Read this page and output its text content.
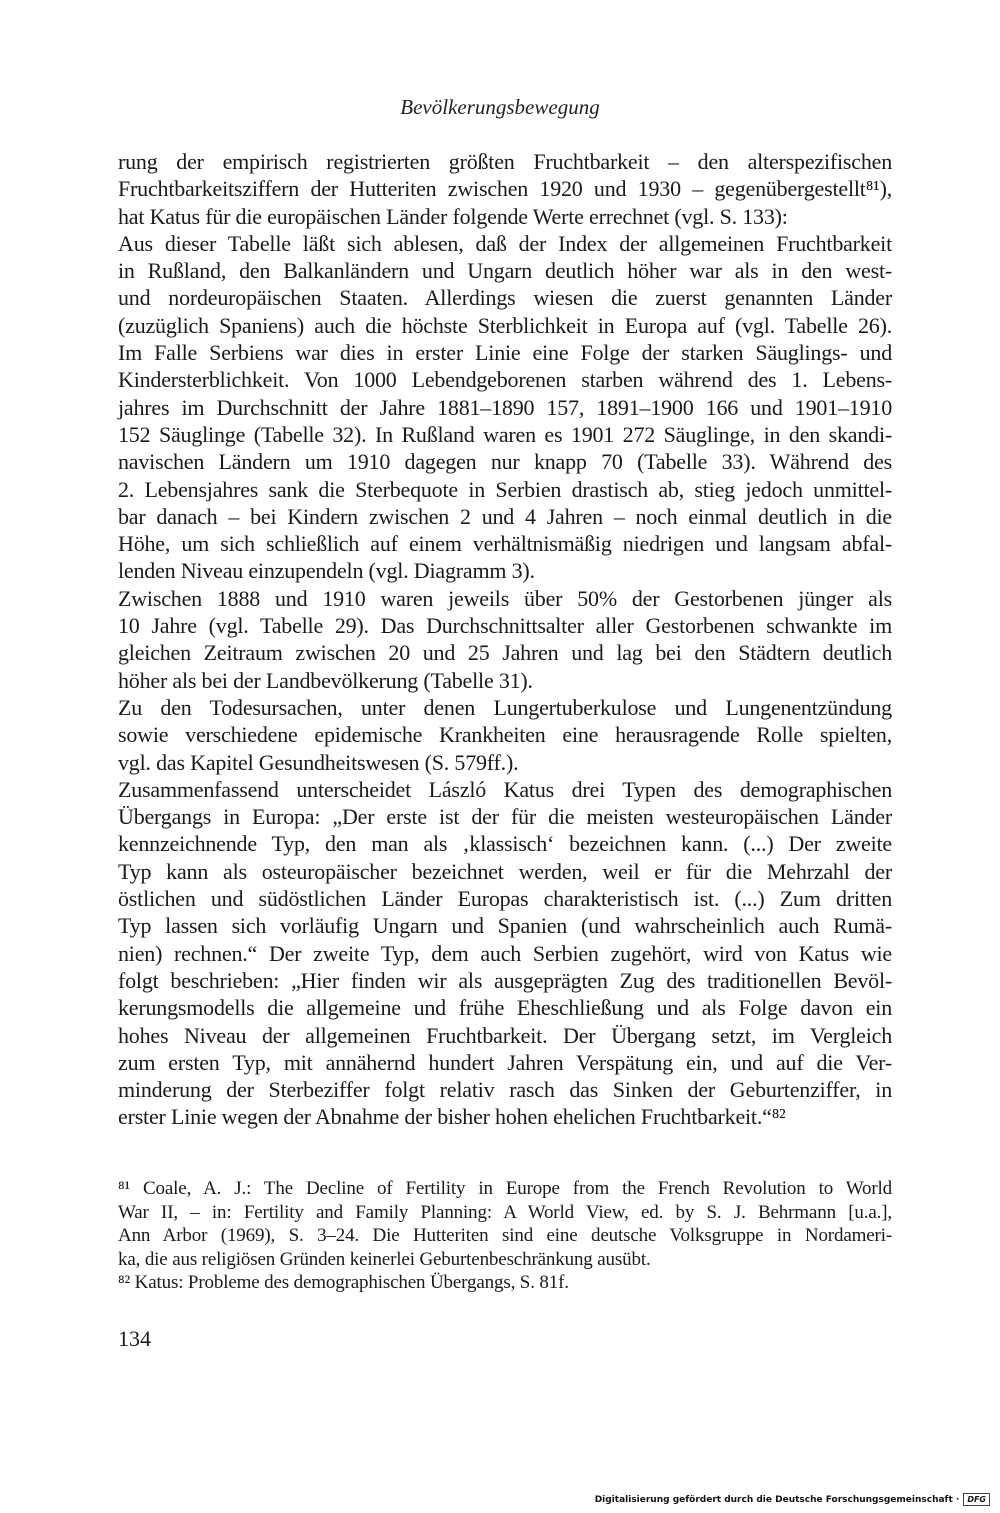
Bevölkerungsbewegung
rung der empirisch registrierten größten Fruchtbarkeit – den alterspezifischen
Fruchtbarkeitsziffern der Hutteriten zwischen 1920 und 1930 – gegenübergestellt⁸¹),
hat Katus für die europäischen Länder folgende Werte errechnet (vgl. S. 133):
Aus dieser Tabelle läßt sich ablesen, daß der Index der allgemeinen Fruchtbarkeit
in Rußland, den Balkanländern und Ungarn deutlich höher war als in den west-
und nordeuropäischen Staaten. Allerdings wiesen die zuerst genannten Länder
(zuzüglich Spaniens) auch die höchste Sterblichkeit in Europa auf (vgl. Tabelle 26).
Im Falle Serbiens war dies in erster Linie eine Folge der starken Säuglings- und
Kindersterblichkeit. Von 1000 Lebendgeborenen starben während des 1. Lebens-
jahres im Durchschnitt der Jahre 1881–1890 157, 1891–1900 166 und 1901–1910
152 Säuglinge (Tabelle 32). In Rußland waren es 1901 272 Säuglinge, in den skandi-
navischen Ländern um 1910 dagegen nur knapp 70 (Tabelle 33). Während des
2. Lebensjahres sank die Sterbequote in Serbien drastisch ab, stieg jedoch unmittel-
bar danach – bei Kindern zwischen 2 und 4 Jahren – noch einmal deutlich in die
Höhe, um sich schließlich auf einem verhältnismäßig niedrigen und langsam abfal-
lenden Niveau einzupendeln (vgl. Diagramm 3).
Zwischen 1888 und 1910 waren jeweils über 50% der Gestorbenen jünger als
10 Jahre (vgl. Tabelle 29). Das Durchschnittsalter aller Gestorbenen schwankte im
gleichen Zeitraum zwischen 20 und 25 Jahren und lag bei den Städtern deutlich
höher als bei der Landbevölkerung (Tabelle 31).
Zu den Todesursachen, unter denen Lungertuberkulose und Lungenentzündung
sowie verschiedene epidemische Krankheiten eine herausragende Rolle spielten,
vgl. das Kapitel Gesundheitswesen (S. 579ff.).
Zusammenfassend unterscheidet László Katus drei Typen des demographischen
Übergangs in Europa: „Der erste ist der für die meisten westeuropäischen Länder
kennzeichnende Typ, den man als ‚klassisch‘ bezeichnen kann. (...) Der zweite
Typ kann als osteuropäischer bezeichnet werden, weil er für die Mehrzahl der
östlichen und südöstlichen Länder Europas charakteristisch ist. (...) Zum dritten
Typ lassen sich vorläufig Ungarn und Spanien (und wahrscheinlich auch Rumä-
nien) rechnen.“ Der zweite Typ, dem auch Serbien zugehört, wird von Katus wie
folgt beschrieben: „Hier finden wir als ausgeprägten Zug des traditionellen Bevöl-
kerungsmodells die allgemeine und frühe Eheschließung und als Folge davon ein
hohes Niveau der allgemeinen Fruchtbarkeit. Der Übergang setzt, im Vergleich
zum ersten Typ, mit annähernd hundert Jahren Verspätung ein, und auf die Ver-
minderung der Sterbeziffer folgt relativ rasch das Sinken der Geburtenziffer, in
erster Linie wegen der Abnahme der bisher hohen ehelichen Fruchtbarkeit.“⁸²
⁸¹ Coale, A. J.: The Decline of Fertility in Europe from the French Revolution to World
War II, – in: Fertility and Family Planning: A World View, ed. by S. J. Behrmann [u.a.],
Ann Arbor (1969), S. 3–24. Die Hutteriten sind eine deutsche Volksgruppe in Nordameri-
ka, die aus religiösen Gründen keinerlei Geburtenbeschränkung ausübt.
⁸² Katus: Probleme des demographischen Übergangs, S. 81f.
134
Digitalisierung gefördert durch die Deutsche Forschungsgemeinschaft ·	DFG
